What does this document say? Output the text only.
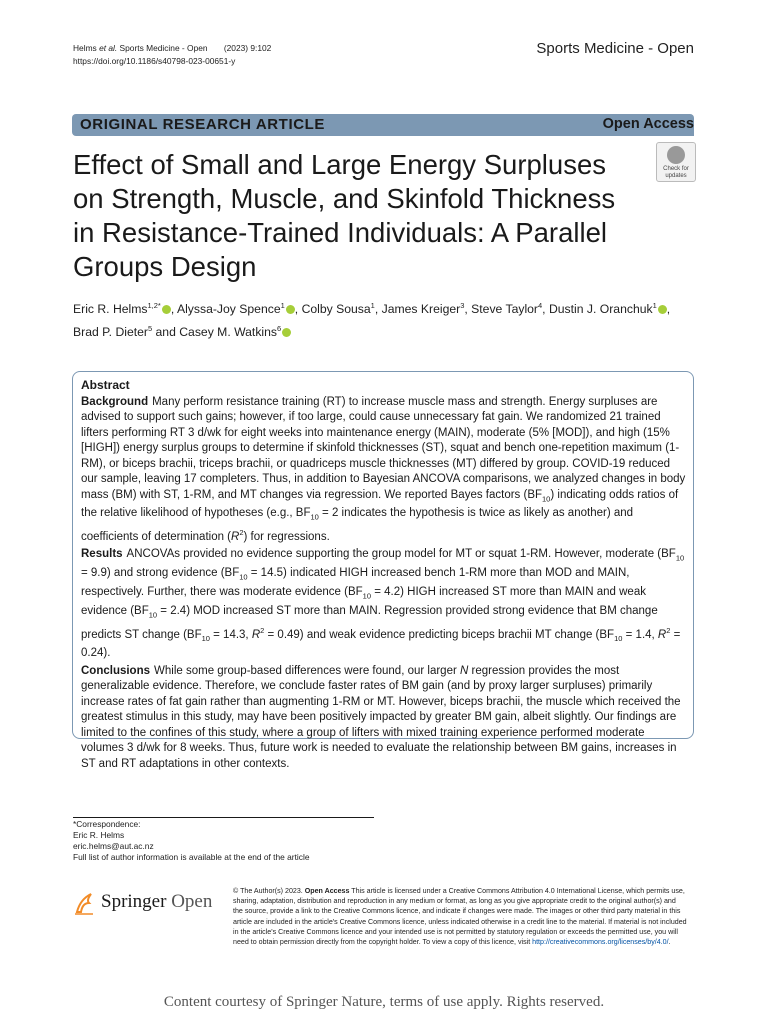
Helms et al. Sports Medicine - Open (2023) 9:102
https://doi.org/10.1186/s40798-023-00651-y
Sports Medicine - Open
ORIGINAL RESEARCH ARTICLE	Open Access
Effect of Small and Large Energy Surpluses on Strength, Muscle, and Skinfold Thickness in Resistance-Trained Individuals: A Parallel Groups Design
Check for updates
Eric R. Helms$^{1,2*}$ , Alyssa-Joy Spence$^1$ , Colby Sousa$^1$, James Kreiger$^3$, Steve Taylor$^4$, Dustin J. Oranchuk$^1$ ,
Brad P. Dieter$^5$ and Casey M. Watkins$^6$
Abstract

Background Many perform resistance training (RT) to increase muscle mass and strength. Energy surpluses are advised to support such gains; however, if too large, could cause unnecessary fat gain. We randomized 21 trained lifters performing RT 3 d/wk for eight weeks into maintenance energy (MAIN), moderate (5% [MOD]), and high (15% [HIGH]) energy surplus groups to determine if skinfold thicknesses (ST), squat and bench one-repetition maximum (1-RM), or biceps brachii, triceps brachii, or quadriceps muscle thicknesses (MT) differed by group. COVID-19 reduced our sample, leaving 17 completers. Thus, in addition to Bayesian ANCOVA comparisons, we analyzed changes in body mass (BM) with ST, 1-RM, and MT changes via regression. We reported Bayes factors $(BF_{10})$ indicating odds ratios of the relative likelihood of hypotheses (e.g., $BF_{10} = 2$ indicates the hypothesis is twice as likely as another) and coefficients of determination $(R^2)$ for regressions.

Results ANCOVAs provided no evidence supporting the group model for MT or squat 1-RM. However, moderate $(BF_{10} = 9.9)$ and strong evidence $(BF_{10} = 14.5)$ indicated HIGH increased bench 1-RM more than MOD and MAIN, respectively. Further, there was moderate evidence $(BF_{10} = 4.2)$ HIGH increased ST more than MAIN and weak evidence $(BF_{10} = 2.4)$ MOD increased ST more than MAIN. Regression provided strong evidence that BM change predicts ST change ($BF_{10} = 14.3$, $R^2 = 0.49$) and weak evidence predicting biceps brachii MT change ($BF_{10} = 1.4$, $R^2 = 0.24$).

Conclusions While some group-based differences were found, our larger N regression provides the most generalizable evidence. Therefore, we conclude faster rates of BM gain (and by proxy larger surpluses) primarily increase rates of fat gain rather than augmenting 1-RM or MT. However, biceps brachii, the muscle which received the greatest stimulus in this study, may have been positively impacted by greater BM gain, albeit slightly. Our findings are limited to the confines of this study, where a group of lifters with mixed training experience performed moderate volumes 3 d/wk for 8 weeks. Thus, future work is needed to evaluate the relationship between BM gains, increases in ST and RT adaptations in other contexts.

*Correspondence:
Eric R. Helms
eric.helms@aut.ac.nz
Full list of author information is available at the end of the article
Springer Open	© The Author(s) 2023. Open Access This article is licensed under a Creative Commons Attribution 4.0 International License, which permits use, sharing, adaptation, distribution and reproduction in any medium or format, as long as you give appropriate credit to the original author(s) and the source, provide a link to the Creative Commons licence, and indicate if changes were made. The images or other third party material in this article are included in the article's Creative Commons licence, unless indicated otherwise in a credit line to the material. If material is not included in the article's Creative Commons licence and your intended use is not permitted by statutory regulation or exceeds the permitted use, you will need to obtain permission directly from the copyright holder. To view a copy of this licence, visit http://creativecommons.org/licenses/by/4.0/.
Content courtesy of Springer Nature, terms of use apply. Rights reserved.
